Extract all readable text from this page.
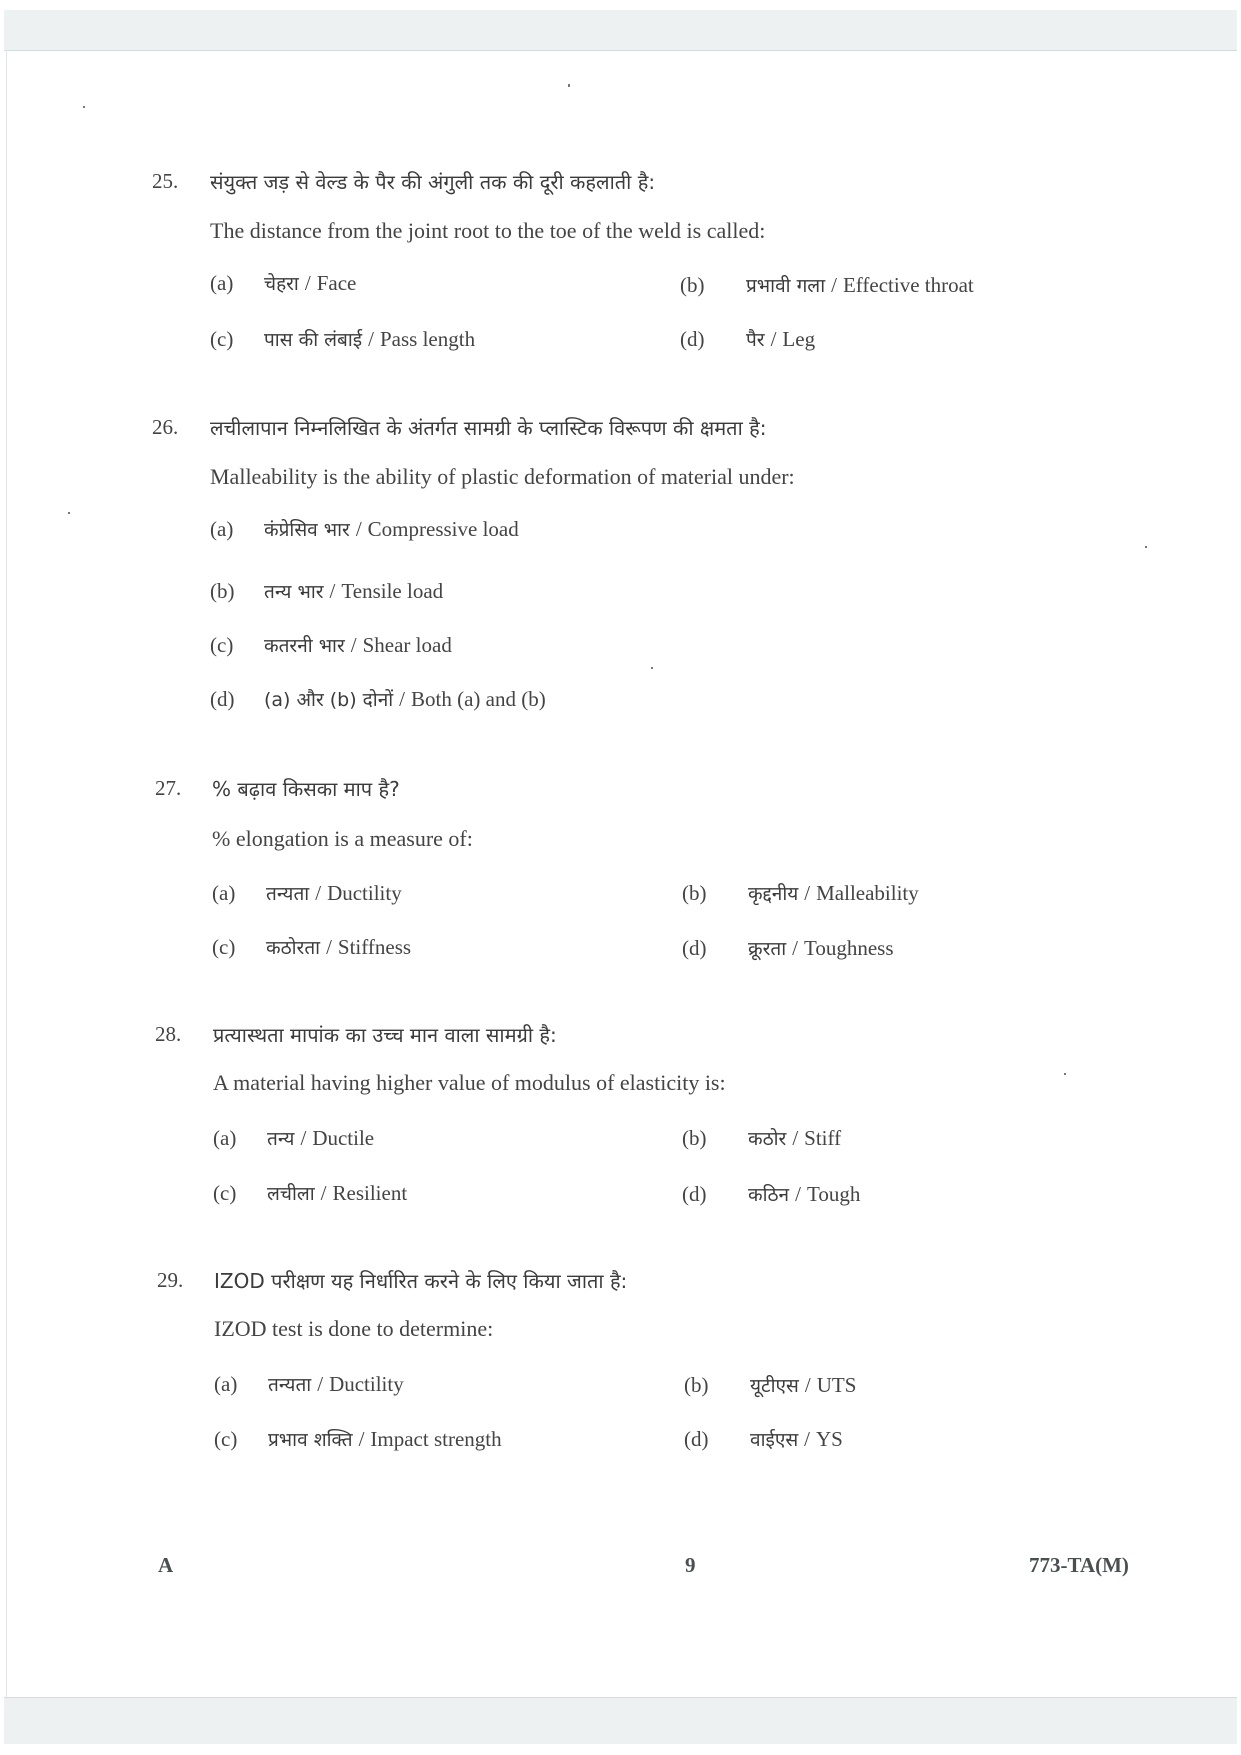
25. संयुक्त जड़ से वेल्ड के पैर की अंगुली तक की दूरी कहलाती है:
The distance from the joint root to the toe of the weld is called:
(a) चेहरा / Face	(b) प्रभावी गला / Effective throat
(c) पास की लंबाई / Pass length	(d) पैर / Leg
26. लचीलापान निम्नलिखित के अंतर्गत सामग्री के प्लास्टिक विरूपण की क्षमता है:
Malleability is the ability of plastic deformation of material under:
(a) कंप्रेसिव भार / Compressive load
(b) तन्य भार / Tensile load
(c) कतरनी भार / Shear load
(d) (a) और (b) दोनों / Both (a) and (b)
27. % बढ़ाव किसका माप है?
% elongation is a measure of:
(a) तन्यता / Ductility	(b) कृद्दनीय / Malleability
(c) कठोरता / Stiffness	(d) क्रूरता / Toughness
28. प्रत्यास्थता मापांक का उच्च मान वाला सामग्री है:
A material having higher value of modulus of elasticity is:
(a) तन्य / Ductile	(b) कठोर / Stiff
(c) लचीला / Resilient	(d) कठिन / Tough
29. IZOD परीक्षण यह निर्धारित करने के लिए किया जाता है:
IZOD test is done to determine:
(a) तन्यता / Ductility	(b) यूटीएस / UTS
(c) प्रभाव शक्ति / Impact strength	(d) वाईएस / YS
A	9	773-TA(M)
